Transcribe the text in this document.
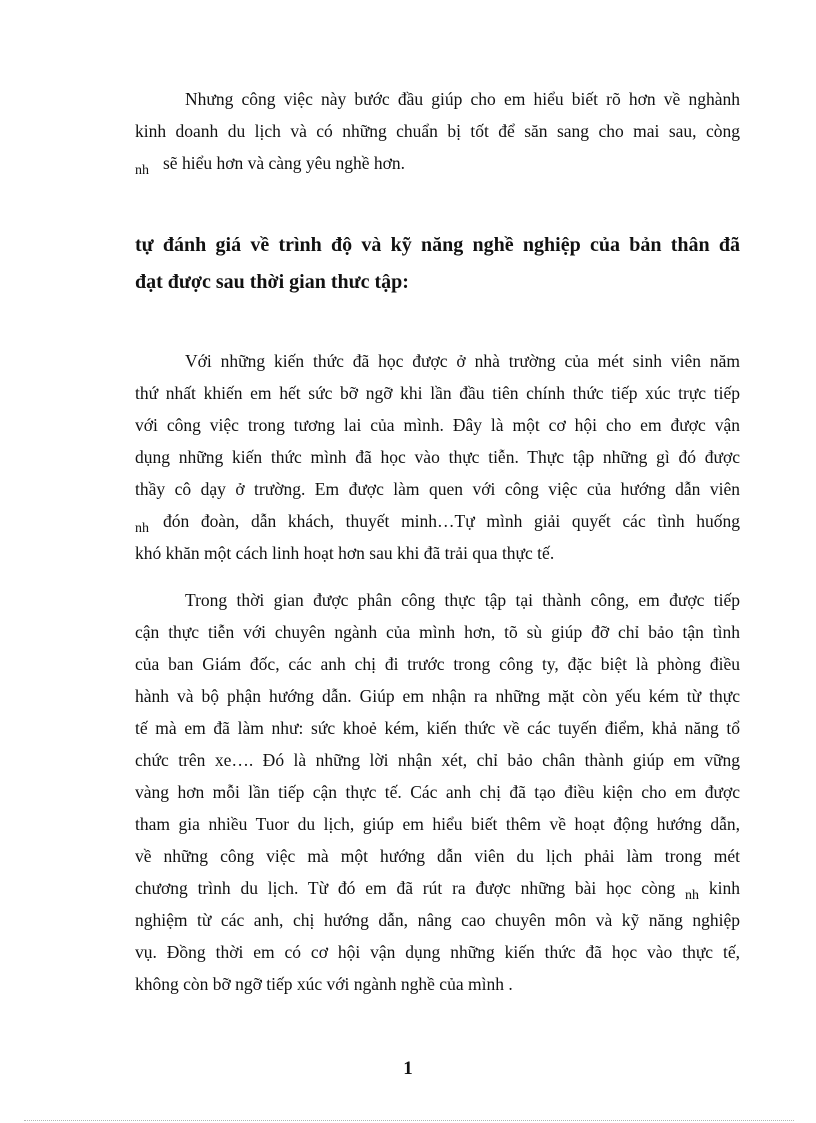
Nhưng công việc này bước đầu giúp cho em hiểu biết rõ hơn về nghành
kinh doanh du lịch và có những chuẩn bị tốt để săn sang cho mai sau, còng
$_{nh}$ sẽ hiểu hơn và càng yêu nghề hơn.
tự đánh giá về trình độ và kỹ năng nghề nghiệp của bản thân đã
đạt được sau thời gian thưc tập:
Với những kiến thức đã học được ở nhà trường của mét sinh viên năm
thứ nhất khiến em hết sức bỡ ngỡ khi lần đầu tiên chính thức tiếp xúc trực tiếp
với công việc trong tương lai của mình. Đây là một cơ hội cho em được vận
dụng những kiến thức mình đã học vào thực tiễn. Thực tập những gì đó được
thầy cô dạy ở trường. Em được làm quen với công việc của hướng dẫn viên
$_{nh}$ đón đoàn, dẫn khách, thuyết minh…Tự mình giải quyết các tình huống
khó khăn một cách linh hoạt hơn sau khi đã trải qua thực tế.
Trong thời gian được phân công thực tập tại thành công, em được tiếp
cận thực tiễn với chuyên ngành của mình hơn, tõ sù giúp đỡ chỉ bảo tận tình
của ban Giám đốc, các anh chị đi trước trong công ty, đặc biệt là phòng điều
hành và bộ phận hướng dẫn. Giúp em nhận ra những mặt còn yếu kém từ thực
tế mà em đã làm như: sức khoẻ kém, kiến thức về các tuyến điểm, khả năng tổ
chức trên xe…. Đó là những lời nhận xét, chỉ bảo chân thành giúp em vững
vàng hơn mỗi lần tiếp cận thực tế. Các anh chị đã tạo điều kiện cho em được
tham gia nhiều Tuor du lịch, giúp em hiểu biết thêm về hoạt động hướng dẫn,
về những công việc mà một hướng dẫn viên du lịch phải làm trong mét
chương trình du lịch. Từ đó em đã rút ra được những bài học còng $_{nh}$ kinh
nghiệm từ các anh, chị hướng dẫn, nâng cao chuyên môn và kỹ năng nghiệp
vụ. Đồng thời em có cơ hội vận dụng những kiến thức đã học vào thực tế,
không còn bỡ ngỡ tiếp xúc với ngành nghề của mình .
1
